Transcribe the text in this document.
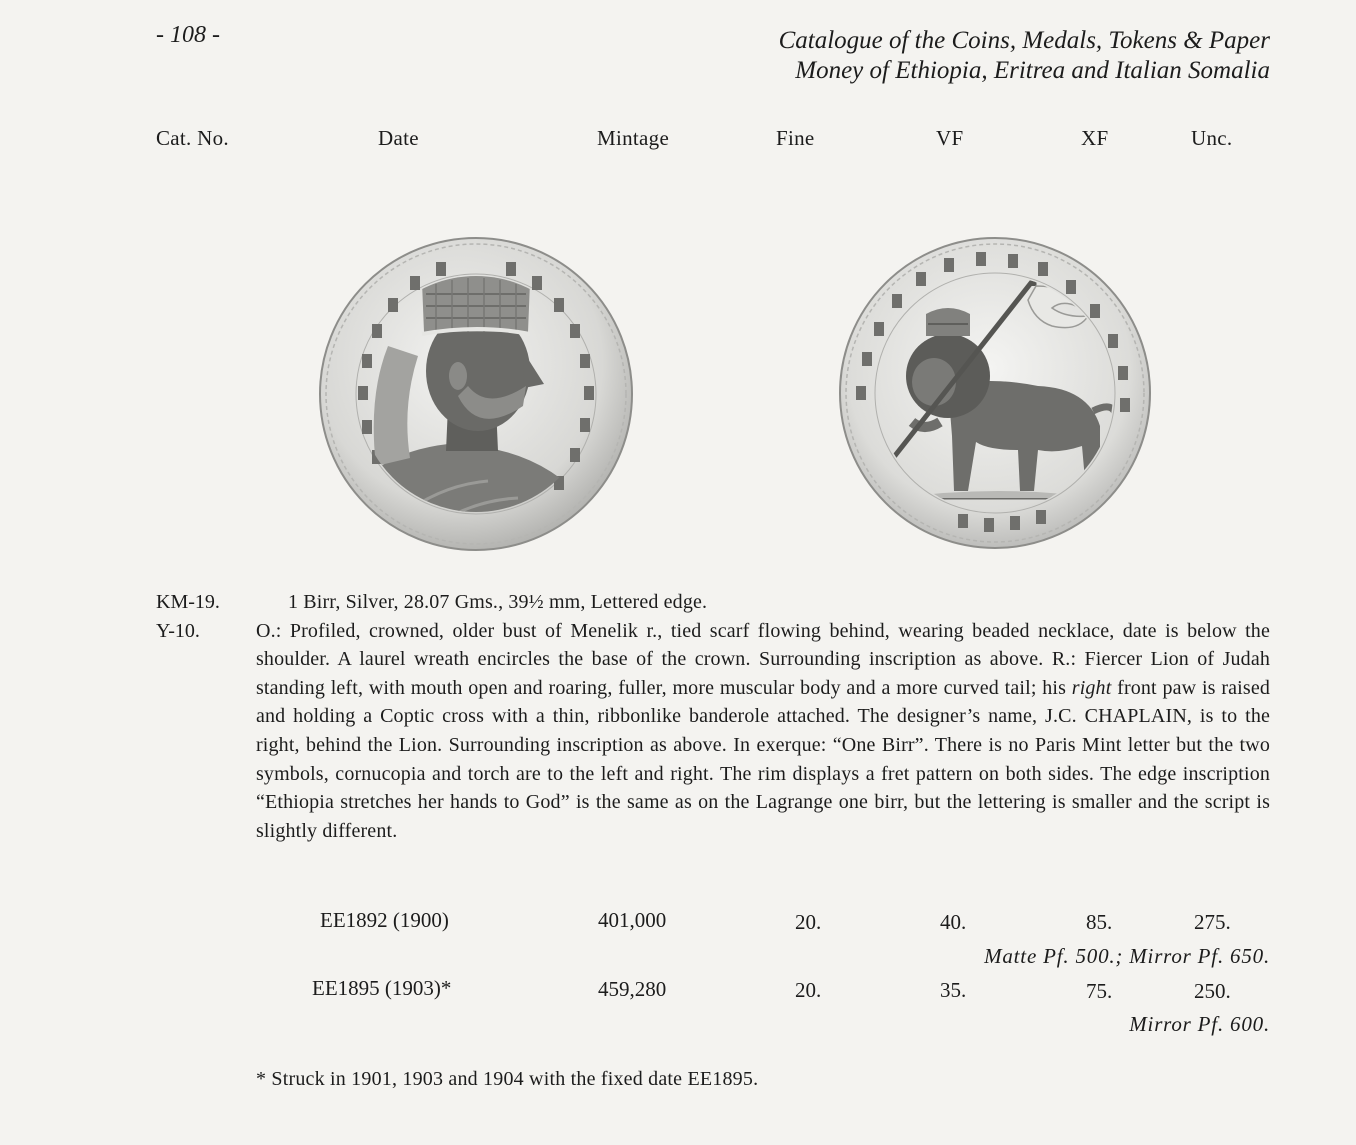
- 108 -	Catalogue of the Coins, Medals, Tokens & Paper
Money of Ethiopia, Eritrea and Italian Somalia
Cat. No.	Date	Mintage	Fine	VF	XF	Unc.
KM-19.
Y-10.

1 Birr, Silver, 28.07 Gms., 39½ mm, Lettered edge.

O.: Profiled, crowned, older bust of Menelik r., tied scarf flowing behind, wearing beaded necklace, date is below the shoulder. A laurel wreath encircles the base of the crown. Surrounding inscription as above. R.: Fiercer Lion of Judah standing left, with mouth open and roaring, fuller, more muscular body and a more curved tail; his right front paw is raised and holding a Coptic cross with a thin, ribbonlike banderole attached. The designer’s name, J.C. CHAPLAIN, is to the right, behind the Lion. Surrounding inscription as above. In exerque: “One Birr”. There is no Paris Mint letter but the two symbols, cornucopia and torch are to the left and right. The rim displays a fret pattern on both sides. The edge inscription “Ethiopia stretches her hands to God” is the same as on the Lagrange one birr, but the lettering is smaller and the script is slightly different.

EE1892 (1900)	401,000	20.	40.	85.	275.
Matte Pf. 500.; Mirror Pf. 650.
EE1895 (1903)*	459,280	20.	35.	75.	250.
Mirror Pf. 600.
* Struck in 1901, 1903 and 1904 with the fixed date EE1895.
